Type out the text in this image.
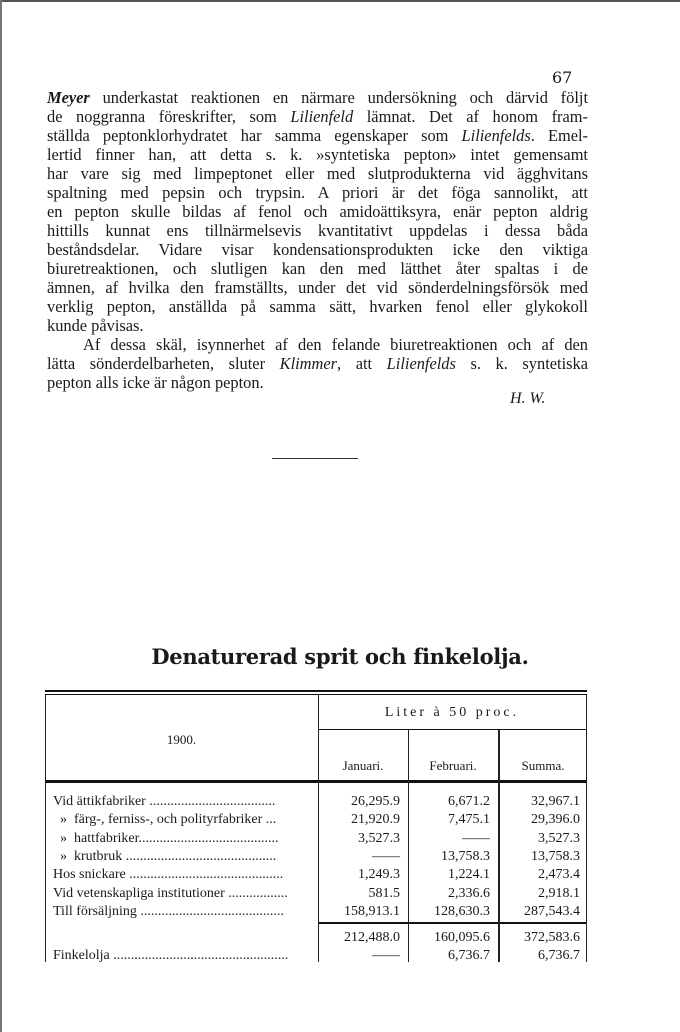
67
Meyer underkastat reaktionen en närmare undersökning och därvid följt
de noggranna föreskrifter, som Lilienfeld lämnat. Det af honom fram-
ställda peptonklorhydratet har samma egenskaper som Lilienfelds. Emel-
lertid finner han, att detta s. k. »syntetiska pepton» intet gemensamt
har vare sig med limpeptonet eller med slutprodukterna vid ägghvitans
spaltning med pepsin och trypsin. A priori är det föga sannolikt, att
en pepton skulle bildas af fenol och amidoättiksyra, enär pepton aldrig
hittills kunnat ens tillnärmelsevis kvantitativt uppdelas i dessa båda
beståndsdelar. Vidare visar kondensationsprodukten icke den viktiga
biuretreaktionen, och slutligen kan den med lätthet åter spaltas i de
ämnen, af hvilka den framställts, under det vid sönderdelningsförsök med
verklig pepton, anställda på samma sätt, hvarken fenol eller glykokoll
kunde påvisas.
Af dessa skäl, isynnerhet af den felande biuretreaktionen och af den
lätta sönderdelbarheten, sluter Klimmer, att Lilienfelds s. k. syntetiska
pepton alls icke är någon pepton.
H. W.
Denaturerad sprit och finkelolja.
1900.
Liter à 50 proc.
Januari.	Februari.	Summa.
Vid ättikfabriker ....................................	26,295.9	6,671.2	32,967.1
»  färg-, ferniss-, och polityrfabriker ...	21,920.9	7,475.1	29,396.0
»  hattfabriker........................................	3,527.3	——	3,527.3
»  krutbruk ...........................................	——	13,758.3	13,758.3
Hos snickare ............................................	1,249.3	1,224.1	2,473.4
Vid vetenskapliga institutioner .................	581.5	2,336.6	2,918.1
Till försäljning .........................................	158,913.1	128,630.3	287,543.4
212,488.0	160,095.6	372,583.6
Finkelolja ..................................................	——	6,736.7	6,736.7
